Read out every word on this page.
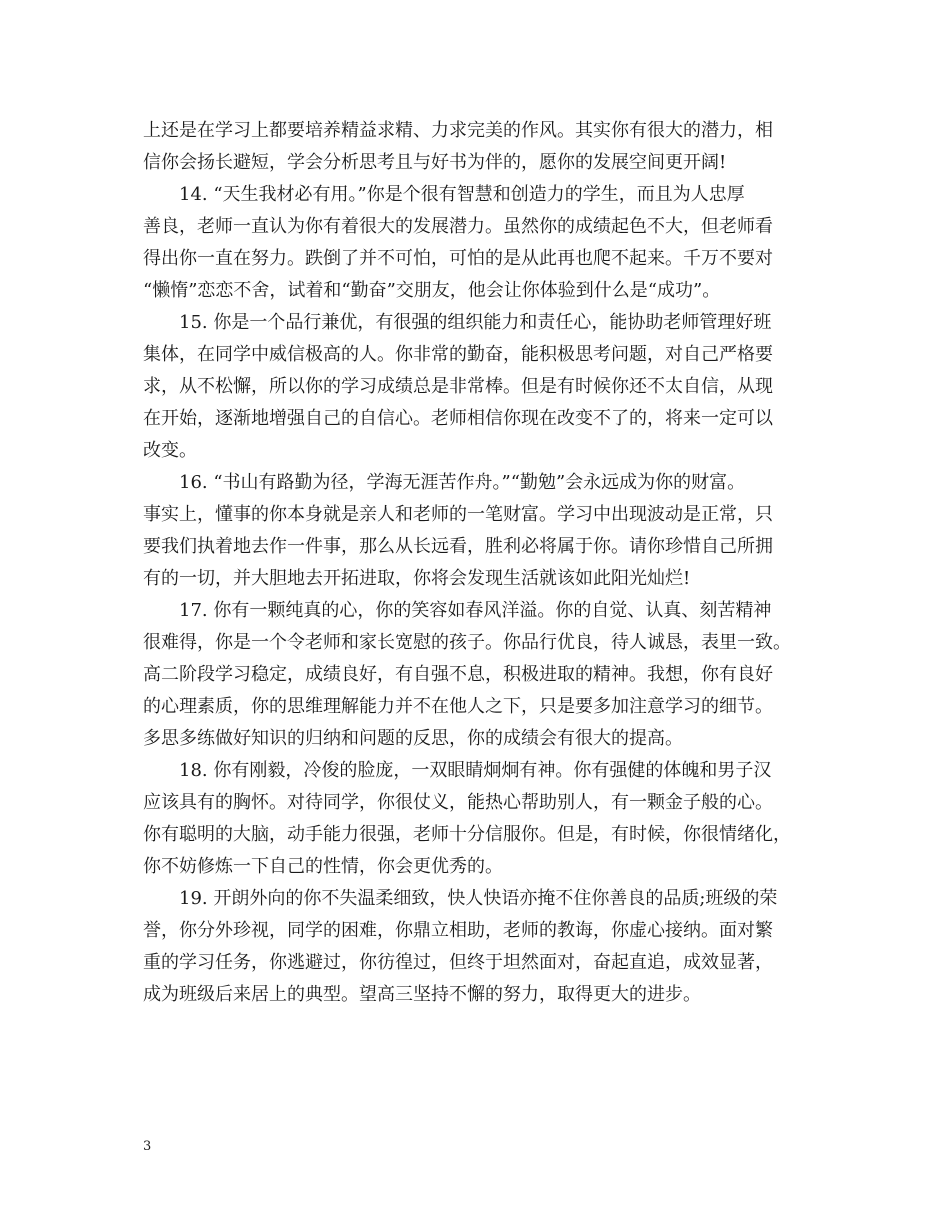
上还是在学习上都要培养精益求精、力求完美的作风。其实你有很大的潜力，相
信你会扬长避短，学会分析思考且与好书为伴的，愿你的发展空间更开阔!
14. “天生我材必有用。”你是个很有智慧和创造力的学生，而且为人忠厚
善良，老师一直认为你有着很大的发展潜力。虽然你的成绩起色不大，但老师看
得出你一直在努力。跌倒了并不可怕，可怕的是从此再也爬不起来。千万不要对
“懒惰”恋恋不舍，试着和“勤奋”交朋友，他会让你体验到什么是“成功”。
15. 你是一个品行兼优，有很强的组织能力和责任心，能协助老师管理好班
集体，在同学中威信极高的人。你非常的勤奋，能积极思考问题，对自己严格要
求，从不松懈，所以你的学习成绩总是非常棒。但是有时候你还不太自信，从现
在开始，逐渐地增强自己的自信心。老师相信你现在改变不了的，将来一定可以
改变。
16. “书山有路勤为径，学海无涯苦作舟。”“勤勉”会永远成为你的财富。
事实上，懂事的你本身就是亲人和老师的一笔财富。学习中出现波动是正常，只
要我们执着地去作一件事，那么从长远看，胜利必将属于你。请你珍惜自己所拥
有的一切，并大胆地去开拓进取，你将会发现生活就该如此阳光灿烂!
17. 你有一颗纯真的心，你的笑容如春风洋溢。你的自觉、认真、刻苦精神
很难得，你是一个令老师和家长宽慰的孩子。你品行优良，待人诚恳，表里一致。
高二阶段学习稳定，成绩良好，有自强不息，积极进取的精神。我想，你有良好
的心理素质，你的思维理解能力并不在他人之下，只是要多加注意学习的细节。
多思多练做好知识的归纳和问题的反思，你的成绩会有很大的提高。
18. 你有刚毅，冷俊的脸庞，一双眼睛炯炯有神。你有强健的体魄和男子汉
应该具有的胸怀。对待同学，你很仗义，能热心帮助别人，有一颗金子般的心。
你有聪明的大脑，动手能力很强，老师十分信服你。但是，有时候，你很情绪化，
你不妨修炼一下自己的性情，你会更优秀的。
19. 开朗外向的你不失温柔细致，快人快语亦掩不住你善良的品质;班级的荣
誉，你分外珍视，同学的困难，你鼎立相助，老师的教诲，你虚心接纳。面对繁
重的学习任务，你逃避过，你彷徨过，但终于坦然面对，奋起直追，成效显著，
成为班级后来居上的典型。望高三坚持不懈的努力，取得更大的进步。
3
